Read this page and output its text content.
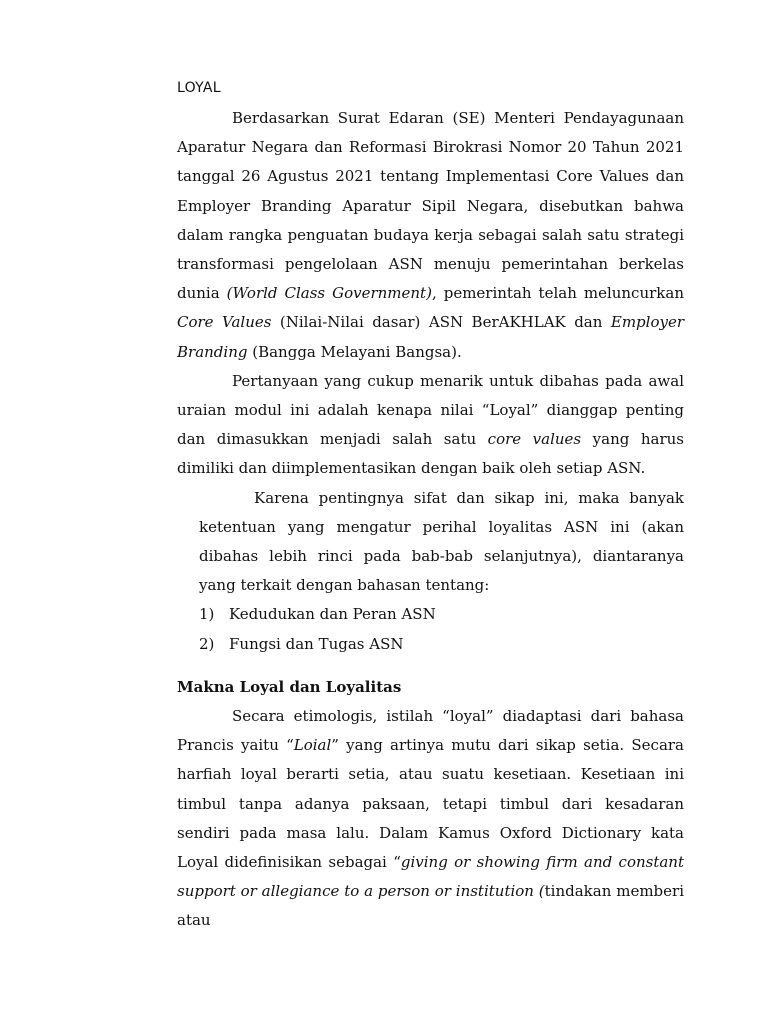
LOYAL

Berdasarkan Surat Edaran (SE) Menteri Pendayagunaan Aparatur Negara dan Reformasi Birokrasi Nomor 20 Tahun 2021 tanggal 26 Agustus 2021 tentang Implementasi Core Values dan Employer Branding Aparatur Sipil Negara, disebutkan bahwa dalam rangka penguatan budaya kerja sebagai salah satu strategi transformasi pengelolaan ASN menuju pemerintahan berkelas dunia (World Class Government), pemerintah telah meluncurkan Core Values (Nilai-Nilai dasar) ASN BerAKHLAK dan Employer Branding (Bangga Melayani Bangsa).

Pertanyaan yang cukup menarik untuk dibahas pada awal uraian modul ini adalah kenapa nilai “Loyal” dianggap penting dan dimasukkan menjadi salah satu core values yang harus dimiliki dan diimplementasikan dengan baik oleh setiap ASN.

Karena pentingnya sifat dan sikap ini, maka banyak ketentuan yang mengatur perihal loyalitas ASN ini (akan dibahas lebih rinci pada bab-bab selanjutnya), diantaranya yang terkait dengan bahasan tentang:

1) Kedudukan dan Peran ASN
2) Fungsi dan Tugas ASN
Makna Loyal dan Loyalitas

Secara etimologis, istilah “loyal” diadaptasi dari bahasa Prancis yaitu “Loial” yang artinya mutu dari sikap setia. Secara harfiah loyal berarti setia, atau suatu kesetiaan. Kesetiaan ini timbul tanpa adanya paksaan, tetapi timbul dari kesadaran sendiri pada masa lalu. Dalam Kamus Oxford Dictionary kata Loyal didefinisikan sebagai “giving or showing firm and constant support or allegiance to a person or institution (tindakan memberi atau
